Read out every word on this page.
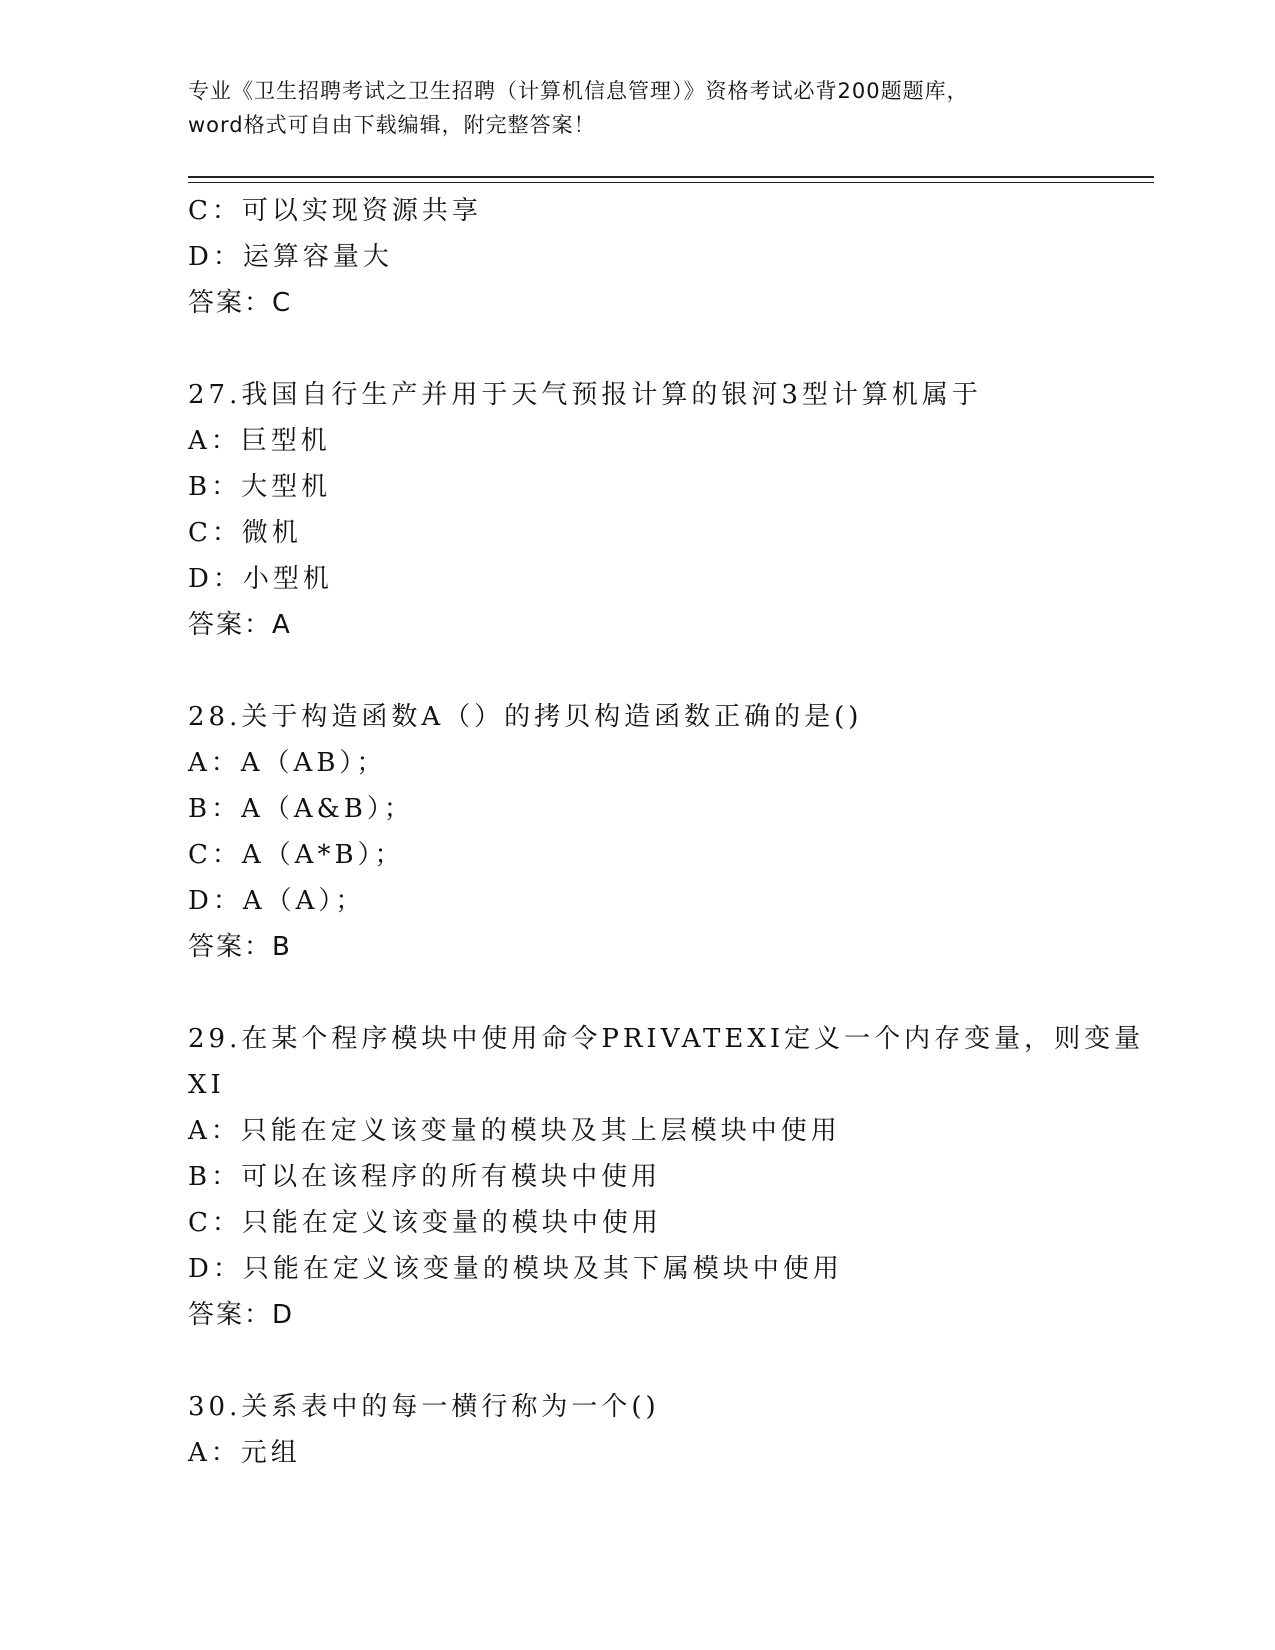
专业《卫生招聘考试之卫生招聘（计算机信息管理）》资格考试必背200题题库，
word格式可自由下载编辑，附完整答案！
C：可以实现资源共享
D：运算容量大
答案：C
27.我国自行生产并用于天气预报计算的银河3型计算机属于
A：巨型机
B：大型机
C：微机
D：小型机
答案：A
28.关于构造函数A（）的拷贝构造函数正确的是()
A：A（AB）；
B：A（A&B）；
C：A（A*B）；
D：A（A）；
答案：B
29.在某个程序模块中使用命令PRIVATEXI定义一个内存变量，则变量
XI
A：只能在定义该变量的模块及其上层模块中使用
B：可以在该程序的所有模块中使用
C：只能在定义该变量的模块中使用
D：只能在定义该变量的模块及其下属模块中使用
答案：D
30.关系表中的每一横行称为一个()
A：元组
